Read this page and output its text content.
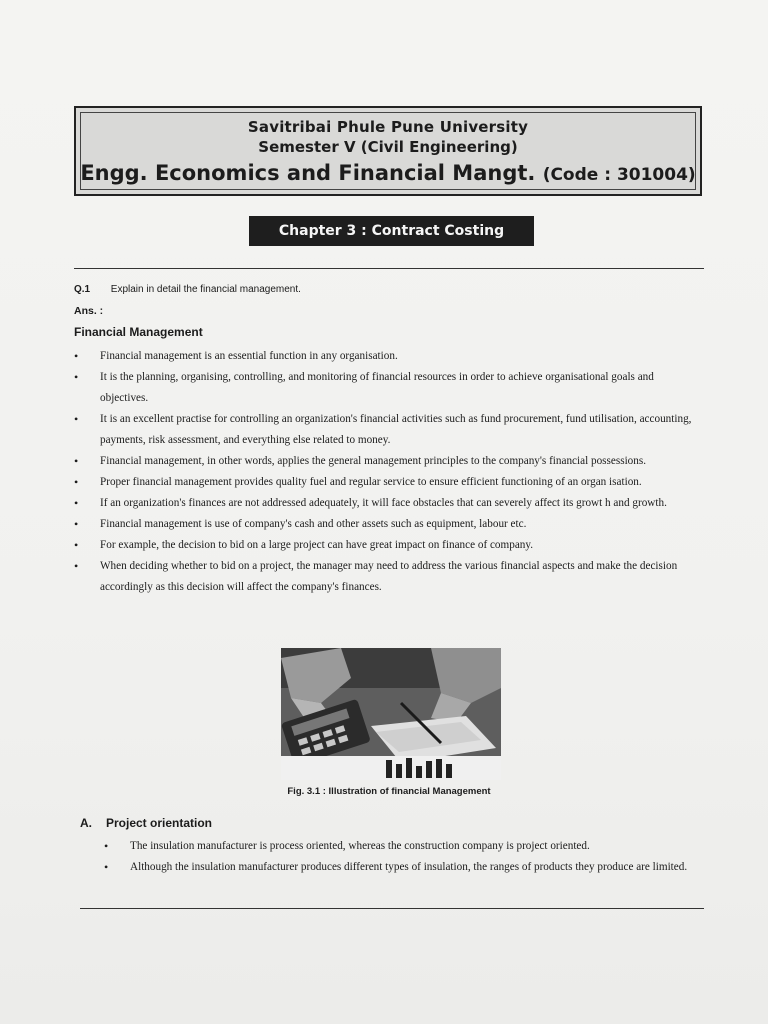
Savitribai Phule Pune University
Semester V (Civil Engineering)
Engg. Economics and Financial Mangt. (Code : 301004)
Chapter 3 : Contract Costing
Q.1 Explain in detail the financial management.
Ans. :
Financial Management
• Financial management is an essential function in any organisation.
• It is the planning, organising, controlling, and monitoring of financial resources in order to achieve organisational goals and objectives.
• It is an excellent practise for controlling an organization's financial activities such as fund procurement, fund utilisation, accounting, payments, risk assessment, and everything else related to money.
• Financial management, in other words, applies the general management principles to the company's financial possessions.
• Proper financial management provides quality fuel and regular service to ensure efficient functioning of an organ isation.
• If an organization's finances are not addressed adequately, it will face obstacles that can severely affect its growt h and growth.
• Financial management is use of company's cash and other assets such as equipment, labour etc.
• For example, the decision to bid on a large project can have great impact on finance of company.
• When deciding whether to bid on a project, the manager may need to address the various financial aspects and make the decision accordingly as this decision will affect the company's finances.
Fig. 3.1 : Illustration of financial Management
A. Project orientation
• The insulation manufacturer is process oriented, whereas the construction company is project oriented.
• Although the insulation manufacturer produces different types of insulation, the ranges of products they produce are limited.
